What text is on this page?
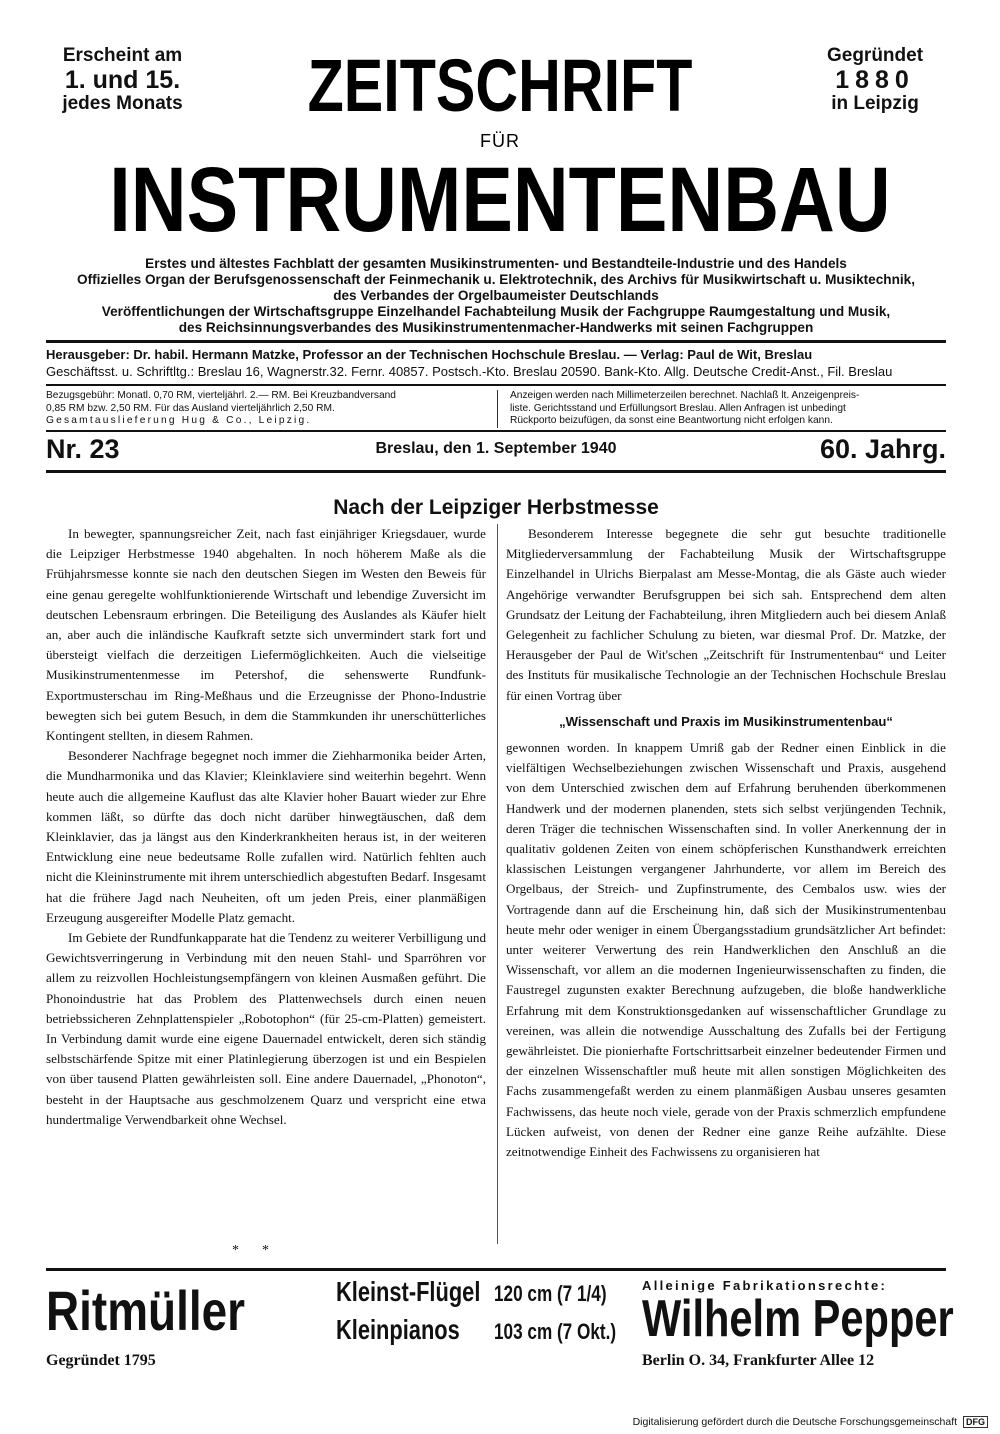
Erscheint am
1. und 15.
jedes Monats
Gegründet
1880
in Leipzig
ZEITSCHRIFT
FÜR
INSTRUMENTENBAU
Erstes und ältestes Fachblatt der gesamten Musikinstrumenten- und Bestandteile-Industrie und des Handels
Offizielles Organ der Berufsgenossenschaft der Feinmechanik u. Elektrotechnik, des Archivs für Musikwirtschaft u. Musiktechnik,
des Verbandes der Orgelbaumeister Deutschlands
Veröffentlichungen der Wirtschaftsgruppe Einzelhandel Fachabteilung Musik der Fachgruppe Raumgestaltung und Musik,
des Reichsinnungsverbandes des Musikinstrumentenmacher-Handwerks mit seinen Fachgruppen
Herausgeber: Dr. habil. Hermann Matzke, Professor an der Technischen Hochschule Breslau. — Verlag: Paul de Wit, Breslau
Geschäftsst. u. Schriftltg.: Breslau 16, Wagnerstr.32. Fernr. 40857. Postsch.-Kto. Breslau 20590. Bank-Kto. Allg. Deutsche Credit-Anst., Fil. Breslau
Bezugsgebühr: Monatl. 0,70 RM, vierteljährl. 2.— RM. Bei Kreuzbandversand
0,85 RM bzw. 2,50 RM. Für das Ausland vierteljährlich 2,50 RM.
Gesamtauslieferung Hug & Co., Leipzig.
Anzeigen werden nach Millimeterzeilen berechnet. Nachlaß lt. Anzeigenpreis-
liste. Gerichtsstand und Erfüllungsort Breslau. Allen Anfragen ist unbedingt
Rückporto beizufügen, da sonst eine Beantwortung nicht erfolgen kann.
Nr. 23	Breslau, den 1. September 1940	60. Jahrg.
Nach der Leipziger Herbstmesse

In bewegter, spannungsreicher Zeit, nach fast einjähriger Kriegsdauer, wurde die Leipziger Herbstmesse 1940 abgehalten. In noch höherem Maße als die Frühjahrsmesse konnte sie nach den deutschen Siegen im Westen den Beweis für eine genau geregelte wohlfunktionierende Wirtschaft und lebendige Zuversicht im deutschen Lebensraum erbringen. Die Beteiligung des Auslandes als Käufer hielt an, aber auch die inländische Kaufkraft setzte sich unvermindert stark fort und übersteigt vielfach die derzeitigen Liefermöglichkeiten. Auch die vielseitige Musikinstrumentenmesse im Petershof, die sehenswerte Rundfunk-Exportmusterschau im Ring-Meßhaus und die Erzeugnisse der Phono-Industrie bewegten sich bei gutem Besuch, in dem die Stammkunden ihr unerschütterliches Kontingent stellten, in diesem Rahmen.

Besonderer Nachfrage begegnet noch immer die Ziehharmonika beider Arten, die Mundharmonika und das Klavier; Kleinklaviere sind weiterhin begehrt. Wenn heute auch die allgemeine Kauflust das alte Klavier hoher Bauart wieder zur Ehre kommen läßt, so dürfte das doch nicht darüber hinwegtäuschen, daß dem Kleinklavier, das ja längst aus den Kinderkrankheiten heraus ist, in der weiteren Entwicklung eine neue bedeutsame Rolle zufallen wird. Natürlich fehlten auch nicht die Kleininstrumente mit ihrem unterschiedlich abgestuften Bedarf. Insgesamt hat die frühere Jagd nach Neuheiten, oft um jeden Preis, einer planmäßigen Erzeugung ausgereifter Modelle Platz gemacht.

Im Gebiete der Rundfunkapparate hat die Tendenz zu weiterer Verbilligung und Gewichtsverringerung in Verbindung mit den neuen Stahl- und Sparröhren vor allem zu reizvollen Hochleistungsempfängern von kleinen Ausmaßen geführt. Die Phonoindustrie hat das Problem des Plattenwechsels durch einen neuen betriebssicheren Zehnplattenspieler „Robotophon“ (für 25-cm-Platten) gemeistert. In Verbindung damit wurde eine eigene Dauernadel entwickelt, deren sich ständig selbstschärfende Spitze mit einer Platinlegierung überzogen ist und ein Bespielen von über tausend Platten gewährleisten soll. Eine andere Dauernadel, „Phonoton“, besteht in der Hauptsache aus geschmolzenem Quarz und verspricht eine etwa hundertmalige Verwendbarkeit ohne Wechsel.

Besonderem Interesse begegnete die sehr gut besuchte traditionelle Mitgliederversammlung der Fachabteilung Musik der Wirtschaftsgruppe Einzelhandel in Ulrichs Bierpalast am Messe-Montag, die als Gäste auch wieder Angehörige verwandter Berufsgruppen bei sich sah. Entsprechend dem alten Grundsatz der Leitung der Fachabteilung, ihren Mitgliedern auch bei diesem Anlaß Gelegenheit zu fachlicher Schulung zu bieten, war diesmal Prof. Dr. Matzke, der Herausgeber der Paul de Wit'schen „Zeitschrift für Instrumentenbau“ und Leiter des Instituts für musikalische Technologie an der Technischen Hochschule Breslau für einen Vortrag über

„Wissenschaft und Praxis im Musikinstrumentenbau“

gewonnen worden. In knappem Umriß gab der Redner einen Einblick in die vielfältigen Wechselbeziehungen zwischen Wissenschaft und Praxis, ausgehend von dem Unterschied zwischen dem auf Erfahrung beruhenden überkommenen Handwerk und der modernen planenden, stets sich selbst verjüngenden Technik, deren Träger die technischen Wissenschaften sind. In voller Anerkennung der in qualitativ goldenen Zeiten von einem schöpferischen Kunsthandwerk erreichten klassischen Leistungen vergangener Jahrhunderte, vor allem im Bereich des Orgelbaus, der Streich- und Zupfinstrumente, des Cembalos usw. wies der Vortragende dann auf die Erscheinung hin, daß sich der Musikinstrumentenbau heute mehr oder weniger in einem Übergangsstadium grundsätzlicher Art befindet: unter weiterer Verwertung des rein Handwerklichen den Anschluß an die Wissenschaft, vor allem an die modernen Ingenieurwissenschaften zu finden, die Faustregel zugunsten exakter Berechnung aufzugeben, die bloße handwerkliche Erfahrung mit dem Konstruktionsgedanken auf wissenschaftlicher Grundlage zu vereinen, was allein die notwendige Ausschaltung des Zufalls bei der Fertigung gewährleistet. Die pionierhafte Fortschrittsarbeit einzelner bedeutender Firmen und der einzelnen Wissenschaftler muß heute mit allen sonstigen Möglichkeiten des Fachs zusammengefaßt werden zu einem planmäßigen Ausbau unseres gesamten Fachwissens, das heute noch viele, gerade von der Praxis schmerzlich empfundene Lücken aufweist, von denen der Redner eine ganze Reihe aufzählte. Diese zeitnotwendige Einheit des Fachwissens zu organisieren hat

* *
Ritmüller
Gegründet 1795
Kleinst-Flügel 120 cm (7 1/4)
Kleinpianos 103 cm (7 Okt.)
Alleinige Fabrikationsrechte:
Wilhelm Pepper
Berlin O. 34, Frankfurter Allee 12
Digitalisierung gefördert durch die Deutsche Forschungsgemeinschaft DFG
